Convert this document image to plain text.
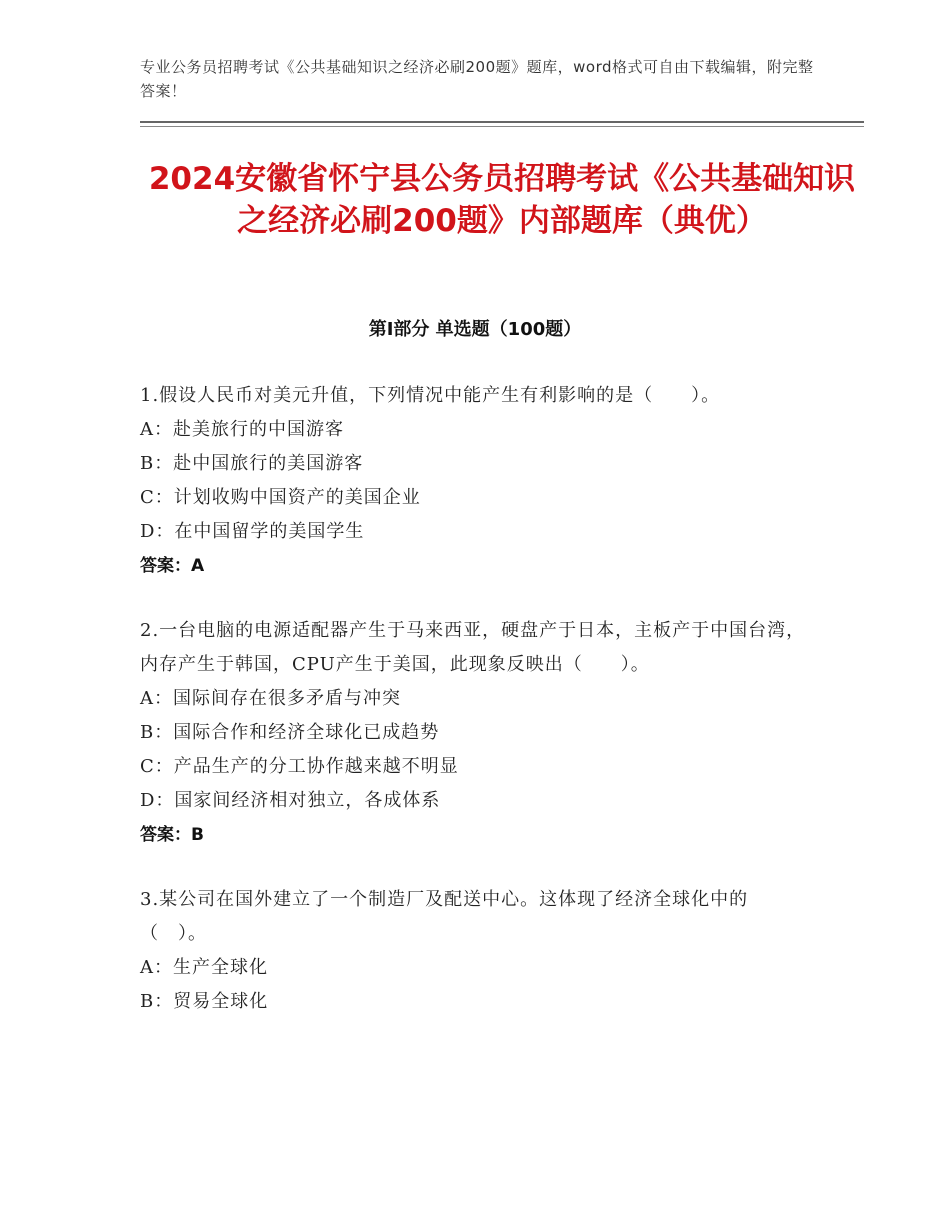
专业公务员招聘考试《公共基础知识之经济必刷200题》题库，word格式可自由下载编辑，附完整答案！
2024安徽省怀宁县公务员招聘考试《公共基础知识之经济必刷200题》内部题库（典优）
第Ⅰ部分 单选题（100题）

1.假设人民币对美元升值，下列情况中能产生有利影响的是（　　）。

A：赴美旅行的中国游客

B：赴中国旅行的美国游客

C：计划收购中国资产的美国企业

D：在中国留学的美国学生

答案：A

2.一台电脑的电源适配器产生于马来西亚，硬盘产于日本，主板产于中国台湾，内存产生于韩国，CPU产生于美国，此现象反映出（　　）。

A：国际间存在很多矛盾与冲突

B：国际合作和经济全球化已成趋势

C：产品生产的分工协作越来越不明显

D：国家间经济相对独立，各成体系

答案：B

3.某公司在国外建立了一个制造厂及配送中心。这体现了经济全球化中的（　）。

A：生产全球化

B：贸易全球化
